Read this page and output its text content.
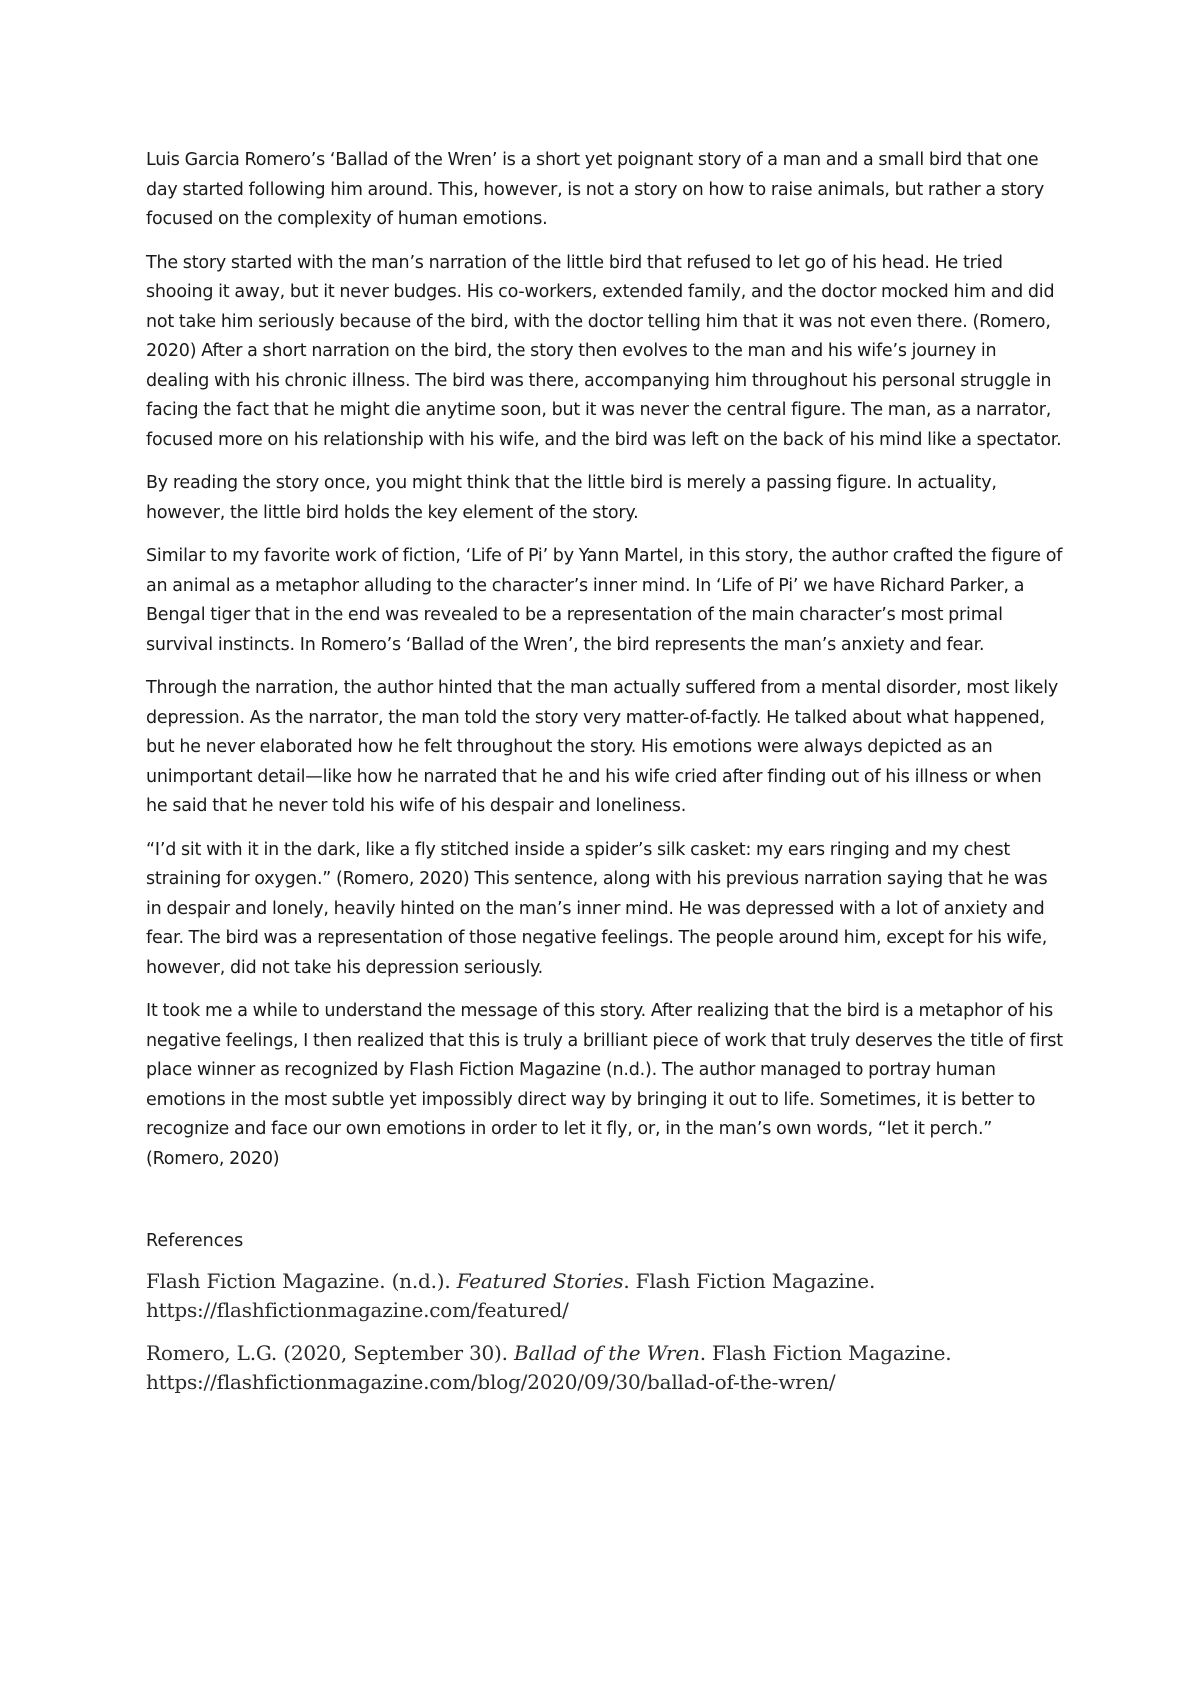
Luis Garcia Romero’s ‘Ballad of the Wren’ is a short yet poignant story of a man and a small bird that one day started following him around. This, however, is not a story on how to raise animals, but rather a story focused on the complexity of human emotions.

The story started with the man’s narration of the little bird that refused to let go of his head. He tried shooing it away, but it never budges. His co-workers, extended family, and the doctor mocked him and did not take him seriously because of the bird, with the doctor telling him that it was not even there. (Romero, 2020) After a short narration on the bird, the story then evolves to the man and his wife’s journey in dealing with his chronic illness. The bird was there, accompanying him throughout his personal struggle in facing the fact that he might die anytime soon, but it was never the central figure. The man, as a narrator, focused more on his relationship with his wife, and the bird was left on the back of his mind like a spectator.

By reading the story once, you might think that the little bird is merely a passing figure. In actuality, however, the little bird holds the key element of the story.

Similar to my favorite work of fiction, ‘Life of Pi’ by Yann Martel, in this story, the author crafted the figure of an animal as a metaphor alluding to the character’s inner mind. In ‘Life of Pi’ we have Richard Parker, a Bengal tiger that in the end was revealed to be a representation of the main character’s most primal survival instincts. In Romero’s ‘Ballad of the Wren’, the bird represents the man’s anxiety and fear.

Through the narration, the author hinted that the man actually suffered from a mental disorder, most likely depression. As the narrator, the man told the story very matter-of-factly. He talked about what happened, but he never elaborated how he felt throughout the story. His emotions were always depicted as an unimportant detail—like how he narrated that he and his wife cried after finding out of his illness or when he said that he never told his wife of his despair and loneliness.

“I’d sit with it in the dark, like a fly stitched inside a spider’s silk casket: my ears ringing and my chest straining for oxygen.” (Romero, 2020) This sentence, along with his previous narration saying that he was in despair and lonely, heavily hinted on the man’s inner mind. He was depressed with a lot of anxiety and fear. The bird was a representation of those negative feelings. The people around him, except for his wife, however, did not take his depression seriously.

It took me a while to understand the message of this story. After realizing that the bird is a metaphor of his negative feelings, I then realized that this is truly a brilliant piece of work that truly deserves the title of first place winner as recognized by Flash Fiction Magazine (n.d.). The author managed to portray human emotions in the most subtle yet impossibly direct way by bringing it out to life. Sometimes, it is better to recognize and face our own emotions in order to let it fly, or, in the man’s own words, “let it perch.” (Romero, 2020)

References

Flash Fiction Magazine. (n.d.). Featured Stories. Flash Fiction Magazine. https://flashfictionmagazine.com/featured/

Romero, L.G. (2020, September 30). Ballad of the Wren. Flash Fiction Magazine. https://flashfictionmagazine.com/blog/2020/09/30/ballad-of-the-wren/
